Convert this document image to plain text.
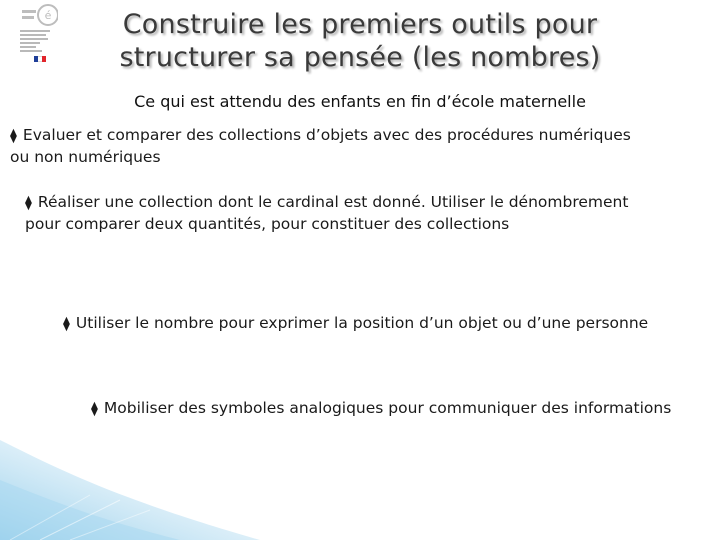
é	Construire les premiers outils pour
structurer sa pensée (les nombres)
Ce qui est attendu des enfants en fin d’école maternelle

⧫ Evaluer et comparer des collections d’objets avec des procédures numériques ou non numériques

⧫ Réaliser une collection dont le cardinal est donné. Utiliser le dénombrement pour comparer deux quantités, pour constituer des collections

⧫ Utiliser le nombre pour exprimer la position d’un objet ou d’une personne

⧫ Mobiliser des symboles analogiques pour communiquer des informations
